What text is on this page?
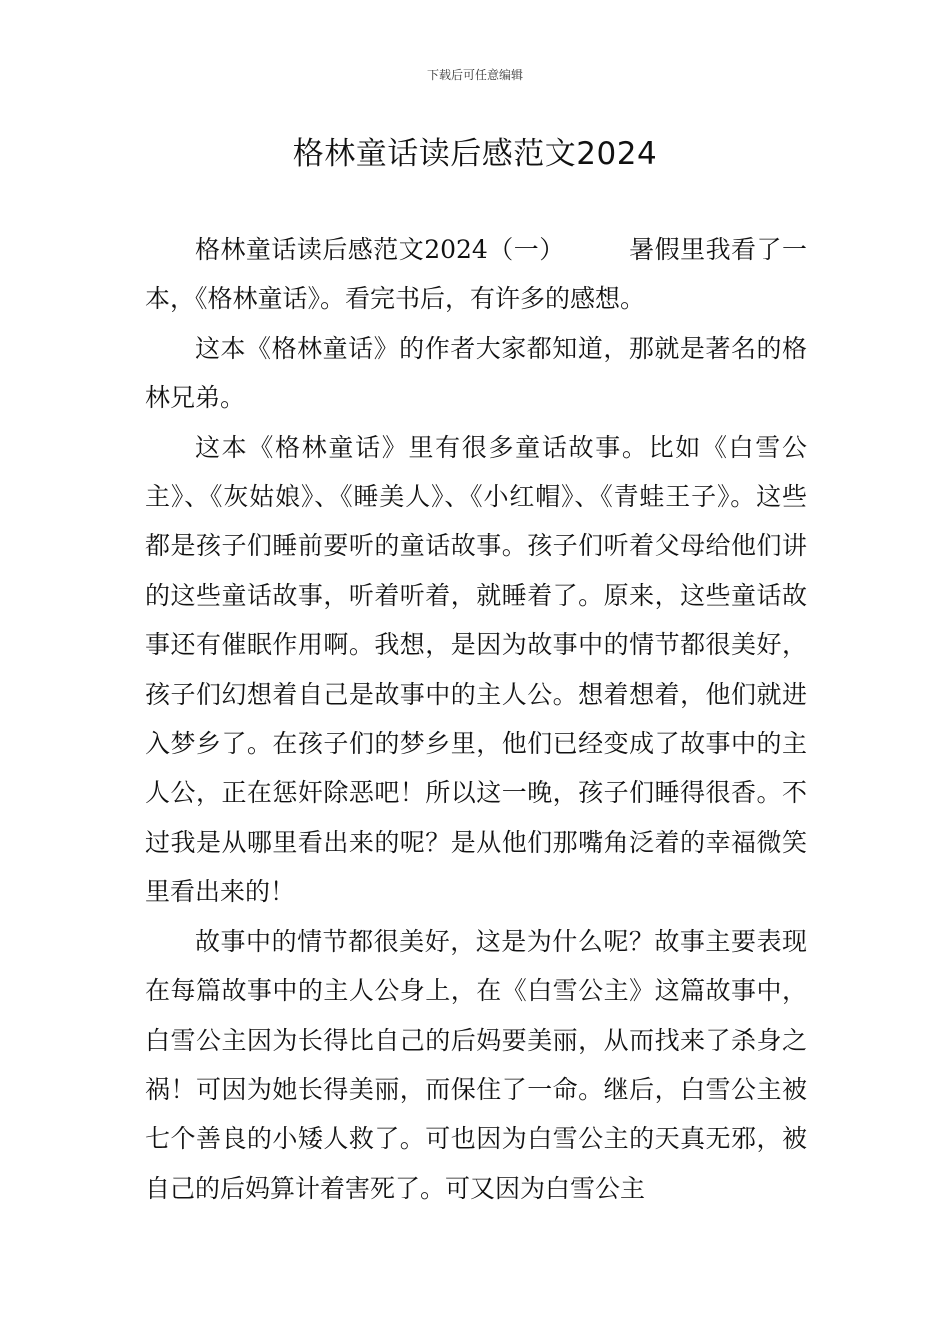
下载后可任意编辑
格林童话读后感范文2024

格林童话读后感范文2024（一）	暑假里我看了一本，《格林童话》。看完书后，有许多的感想。

这本《格林童话》的作者大家都知道，那就是著名的格林兄弟。

这本《格林童话》里有很多童话故事。比如《白雪公主》、《灰姑娘》、《睡美人》、《小红帽》、《青蛙王子》。这些都是孩子们睡前要听的童话故事。孩子们听着父母给他们讲的这些童话故事，听着听着，就睡着了。原来，这些童话故事还有催眠作用啊。我想，是因为故事中的情节都很美好，孩子们幻想着自己是故事中的主人公。想着想着，他们就进入梦乡了。在孩子们的梦乡里，他们已经变成了故事中的主人公，正在惩奸除恶吧！所以这一晚，孩子们睡得很香。不过我是从哪里看出来的呢？是从他们那嘴角泛着的幸福微笑里看出来的！

故事中的情节都很美好，这是为什么呢？故事主要表现在每篇故事中的主人公身上，在《白雪公主》这篇故事中，白雪公主因为长得比自己的后妈要美丽，从而找来了杀身之祸！可因为她长得美丽，而保住了一命。继后，白雪公主被七个善良的小矮人救了。可也因为白雪公主的天真无邪，被自己的后妈算计着害死了。可又因为白雪公主
